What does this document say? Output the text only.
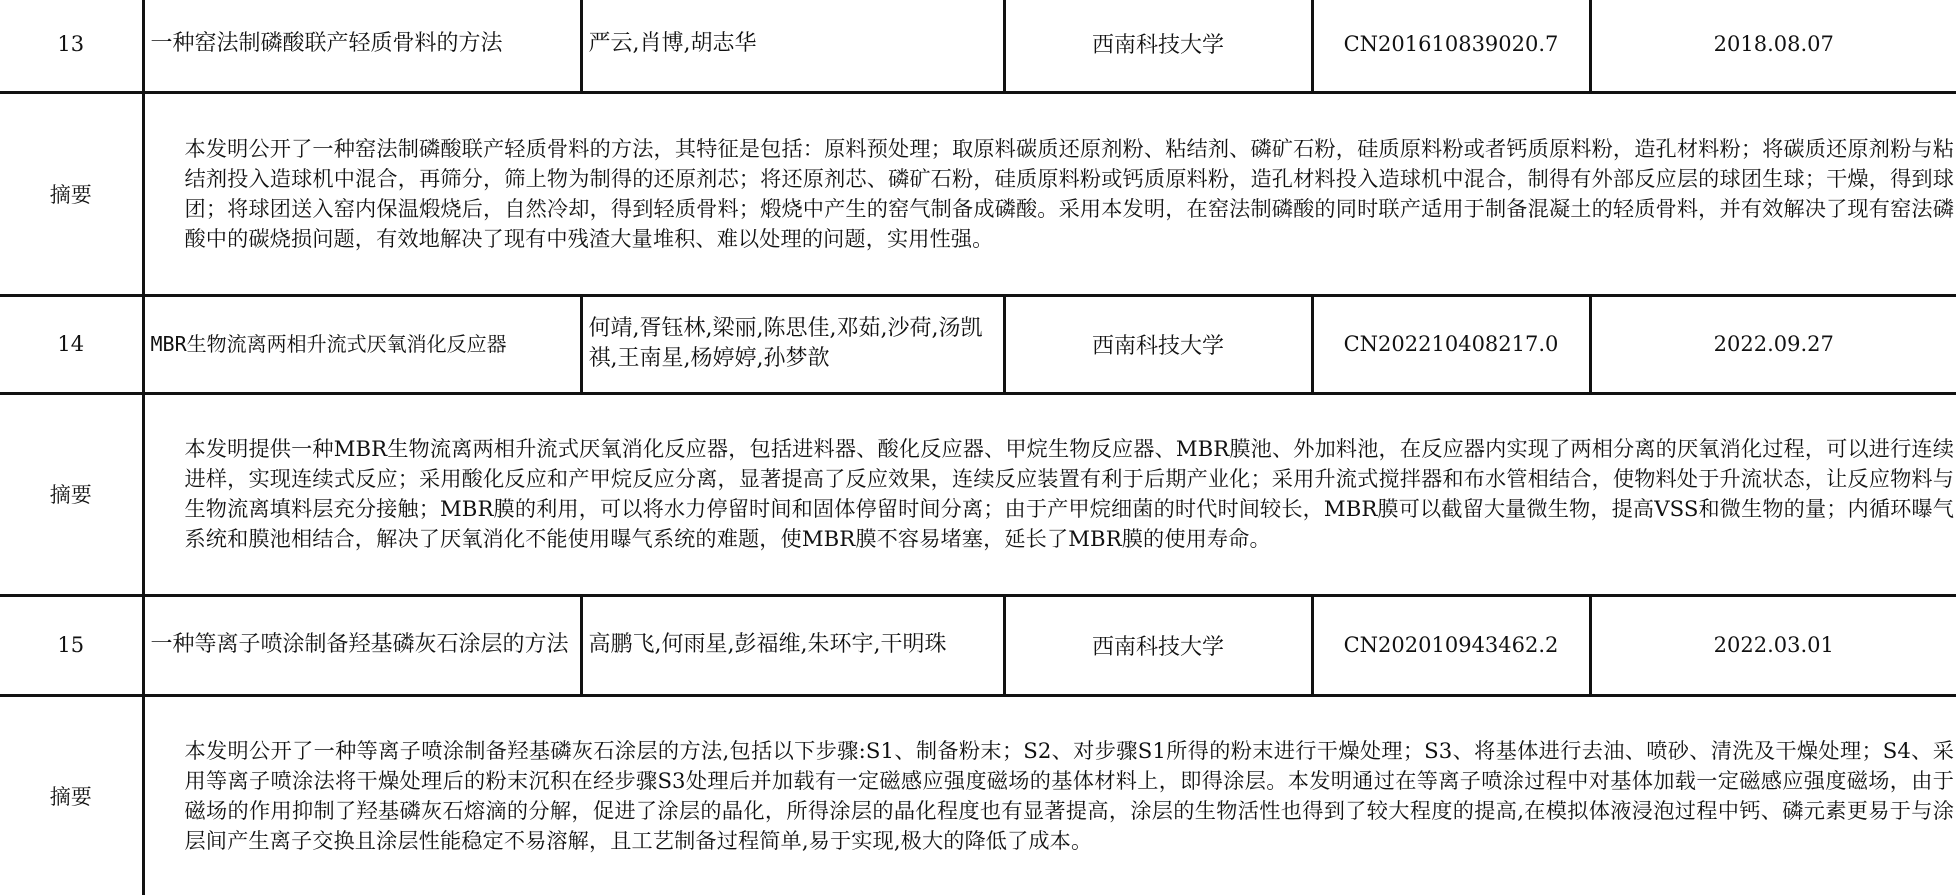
13	一种窑法制磷酸联产轻质骨料的方法	严云,肖博,胡志华	西南科技大学	CN201610839020.7	2018.08.07
摘要	本发明公开了一种窑法制磷酸联产轻质骨料的方法，其特征是包括：原料预处理；取原料碳质还原剂粉、粘结剂、磷矿石粉，硅质原料粉或者钙质原料粉，造孔材料粉；将碳质还原剂粉与粘结剂投入造球机中混合，再筛分，筛上物为制得的还原剂芯；将还原剂芯、磷矿石粉，硅质原料粉或钙质原料粉，造孔材料投入造球机中混合，制得有外部反应层的球团生球；干燥，得到球团；将球团送入窑内保温煅烧后，自然冷却，得到轻质骨料；煅烧中产生的窑气制备成磷酸。采用本发明，在窑法制磷酸的同时联产适用于制备混凝土的轻质骨料，并有效解决了现有窑法磷酸中的碳烧损问题，有效地解决了现有中残渣大量堆积、难以处理的问题，实用性强。				
14	MBR生物流离两相升流式厌氧消化反应器	何靖,胥钰林,梁丽,陈思佳,邓茹,沙荷,汤凯祺,王南星,杨婷婷,孙梦歆	西南科技大学	CN202210408217.0	2022.09.27
摘要	本发明提供一种MBR生物流离两相升流式厌氧消化反应器，包括进料器、酸化反应器、甲烷生物反应器、MBR膜池、外加料池，在反应器内实现了两相分离的厌氧消化过程，可以进行连续进样，实现连续式反应；采用酸化反应和产甲烷反应分离，显著提高了反应效果，连续反应装置有利于后期产业化；采用升流式搅拌器和布水管相结合，使物料处于升流状态，让反应物料与生物流离填料层充分接触；MBR膜的利用，可以将水力停留时间和固体停留时间分离；由于产甲烷细菌的时代时间较长，MBR膜可以截留大量微生物，提高VSS和微生物的量；内循环曝气系统和膜池相结合，解决了厌氧消化不能使用曝气系统的难题，使MBR膜不容易堵塞，延长了MBR膜的使用寿命。				
15	一种等离子喷涂制备羟基磷灰石涂层的方法	高鹏飞,何雨星,彭福维,朱环宇,干明珠	西南科技大学	CN202010943462.2	2022.03.01
摘要	本发明公开了一种等离子喷涂制备羟基磷灰石涂层的方法,包括以下步骤:S1、制备粉末；S2、对步骤S1所得的粉末进行干燥处理；S3、将基体进行去油、喷砂、清洗及干燥处理；S4、采用等离子喷涂法将干燥处理后的粉末沉积在经步骤S3处理后并加载有一定磁感应强度磁场的基体材料上，即得涂层。本发明通过在等离子喷涂过程中对基体加载一定磁感应强度磁场，由于磁场的作用抑制了羟基磷灰石熔滴的分解，促进了涂层的晶化，所得涂层的晶化程度也有显著提高，涂层的生物活性也得到了较大程度的提高,在模拟体液浸泡过程中钙、磷元素更易于与涂层间产生离子交换且涂层性能稳定不易溶解，且工艺制备过程简单,易于实现,极大的降低了成本。				
